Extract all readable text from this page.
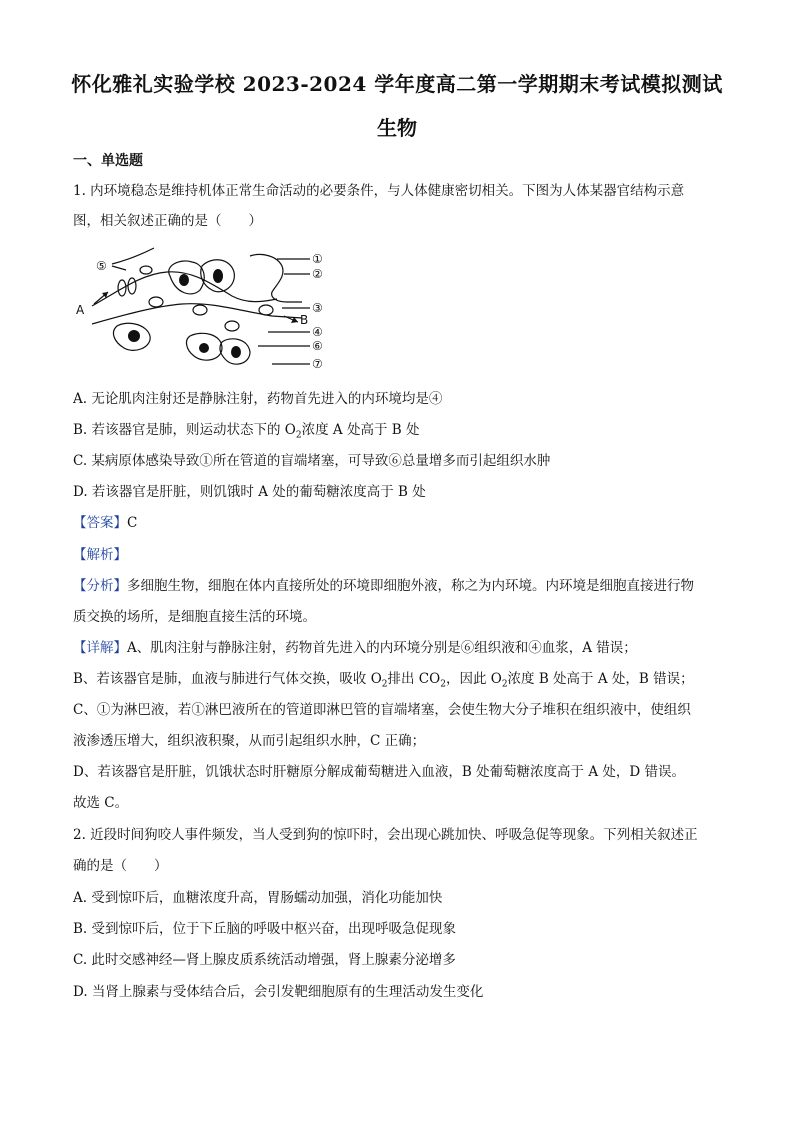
怀化雅礼实验学校 2023-2024 学年度高二第一学期期末考试模拟测试
生物
一、单选题
1. 内环境稳态是维持机体正常生命活动的必要条件，与人体健康密切相关。下图为人体某器官结构示意
图，相关叙述正确的是（　　）
①
②
③
④
⑤
⑥
⑦
A
B
A. 无论肌肉注射还是静脉注射，药物首先进入的内环境均是④
B. 若该器官是肺，则运动状态下的 $O_2$浓度 A 处高于 B 处
C. 某病原体感染导致①所在管道的盲端堵塞，可导致⑥总量增多而引起组织水肿
D. 若该器官是肝脏，则饥饿时 A 处的葡萄糖浓度高于 B 处
【答案】C
【解析】
【分析】多细胞生物，细胞在体内直接所处的环境即细胞外液，称之为内环境。内环境是细胞直接进行物
质交换的场所，是细胞直接生活的环境。
【详解】A、肌肉注射与静脉注射，药物首先进入的内环境分别是⑥组织液和④血浆，A 错误；
B、若该器官是肺，血液与肺进行气体交换，吸收 $O_2$排出 $CO_2$，因此 $O_2$浓度 B 处高于 A 处，B 错误；
C、①为淋巴液，若①淋巴液所在的管道即淋巴管的盲端堵塞，会使生物大分子堆积在组织液中，使组织
液渗透压增大，组织液积聚，从而引起组织水肿，C 正确；
D、若该器官是肝脏，饥饿状态时肝糖原分解成葡萄糖进入血液，B 处葡萄糖浓度高于 A 处，D 错误。
故选 C。
2. 近段时间狗咬人事件频发，当人受到狗的惊吓时，会出现心跳加快、呼吸急促等现象。下列相关叙述正
确的是（　　）
A. 受到惊吓后，血糖浓度升高，胃肠蠕动加强，消化功能加快
B. 受到惊吓后，位于下丘脑的呼吸中枢兴奋，出现呼吸急促现象
C. 此时交感神经—肾上腺皮质系统活动增强，肾上腺素分泌增多
D. 当肾上腺素与受体结合后，会引发靶细胞原有的生理活动发生变化
